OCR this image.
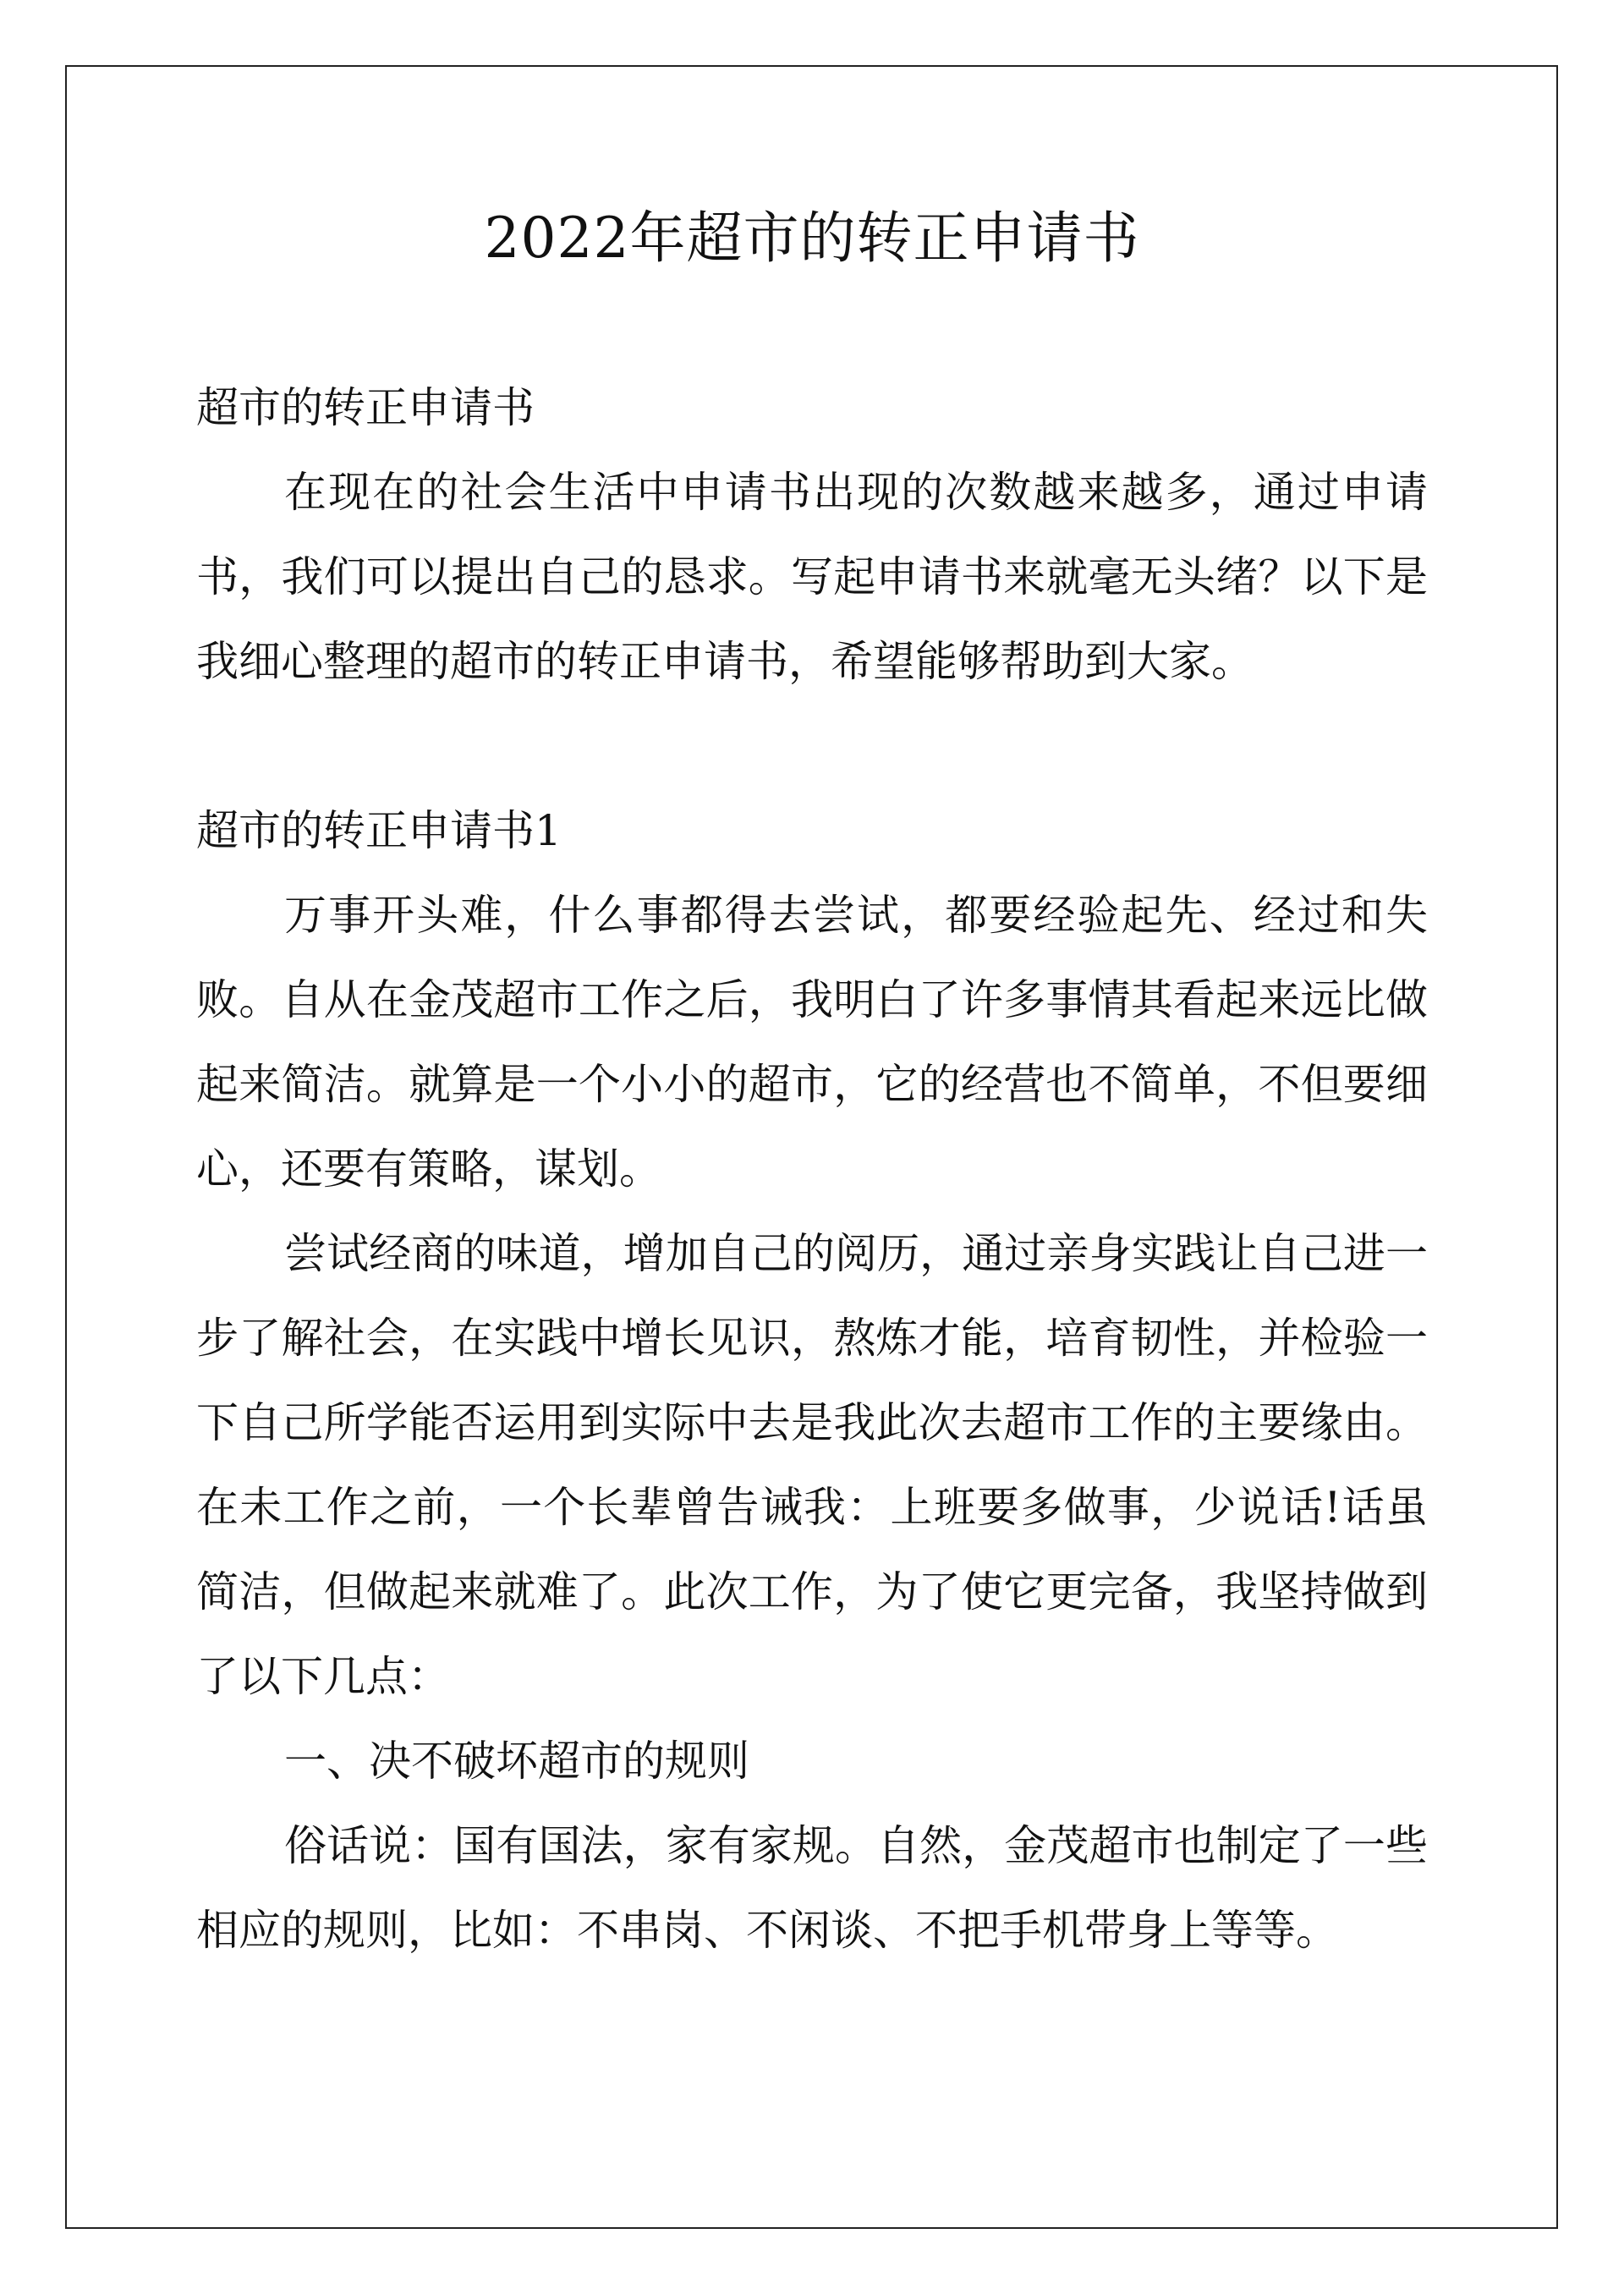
2022年超市的转正申请书

超市的转正申请书

在现在的社会生活中申请书出现的次数越来越多，通过申请书，我们可以提出自己的恳求。写起申请书来就毫无头绪？以下是我细心整理的超市的转正申请书，希望能够帮助到大家。

超市的转正申请书1

万事开头难，什么事都得去尝试，都要经验起先、经过和失败。自从在金茂超市工作之后，我明白了许多事情其看起来远比做起来简洁。就算是一个小小的超市，它的经营也不简单，不但要细心，还要有策略，谋划。

尝试经商的味道，增加自己的阅历，通过亲身实践让自己进一步了解社会，在实践中增长见识，熬炼才能，培育韧性，并检验一下自己所学能否运用到实际中去是我此次去超市工作的主要缘由。在未工作之前，一个长辈曾告诫我：上班要多做事，少说话!话虽简洁，但做起来就难了。此次工作，为了使它更完备，我坚持做到了以下几点：

一、决不破坏超市的规则

俗话说：国有国法，家有家规。自然，金茂超市也制定了一些相应的规则，比如：不串岗、不闲谈、不把手机带身上等等。
